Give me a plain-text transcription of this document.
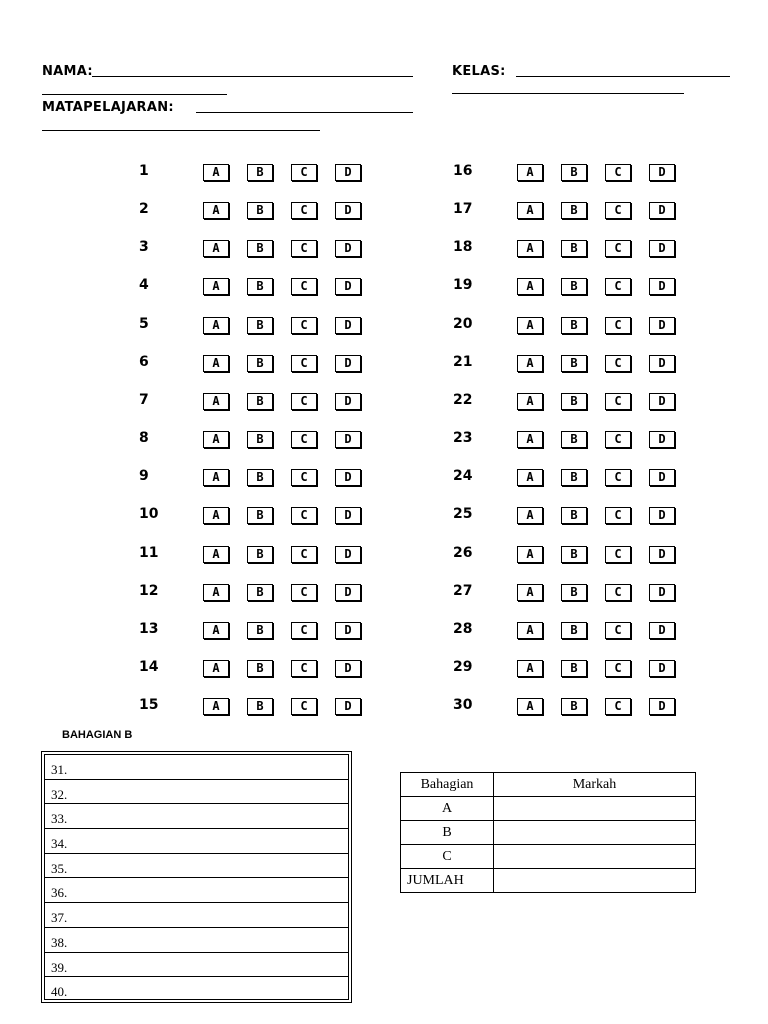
NAMA:	KELAS:
MATAPELAJARAN:
1	A	B	C	D
2	A	B	C	D
3	A	B	C	D
4	A	B	C	D
5	A	B	C	D
6	A	B	C	D
7	A	B	C	D
8	A	B	C	D
9	A	B	C	D
10	A	B	C	D
11	A	B	C	D
12	A	B	C	D
13	A	B	C	D
14	A	B	C	D
15	A	B	C	D
16	A	B	C	D
17	A	B	C	D
18	A	B	C	D
19	A	B	C	D
20	A	B	C	D
21	A	B	C	D
22	A	B	C	D
23	A	B	C	D
24	A	B	C	D
25	A	B	C	D
26	A	B	C	D
27	A	B	C	D
28	A	B	C	D
29	A	B	C	D
30	A	B	C	D
BAHAGIAN B
31.
32.
33.
34.
35.
36.
37.
38.
39.
40.
Bahagian	Markah
A	
B	
C	
JUMLAH	
